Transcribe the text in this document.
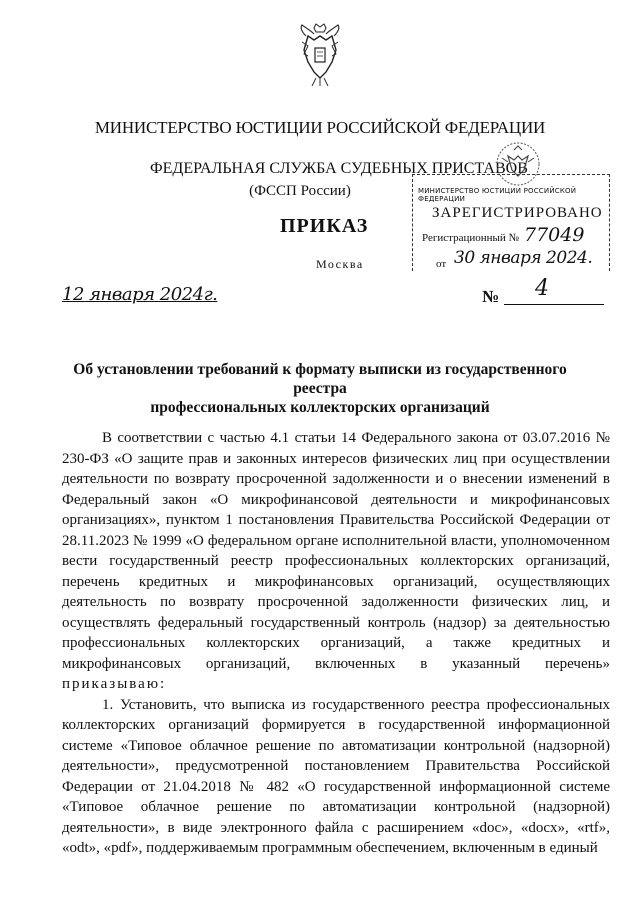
МИНИСТЕРСТВО ЮСТИЦИИ РОССИЙСКОЙ ФЕДЕРАЦИИ
ФЕДЕРАЛЬНАЯ СЛУЖБА СУДЕБНЫХ ПРИСТАВОВ
(ФССП России)
ПРИКАЗ
Москва
12 января 2024г.	№ 4
МИНИСТЕРСТВО ЮСТИЦИИ РОССИЙСКОЙ ФЕДЕРАЦИИ
ЗАРЕГИСТРИРОВАНО
Регистрационный № 77049
от 30 января 2024.
Об установлении требований к формату выписки из государственного реестра
профессиональных коллекторских организаций

В соответствии с частью 4.1 статьи 14 Федерального закона от 03.07.2016 № 230-ФЗ «О защите прав и законных интересов физических лиц при осуществлении деятельности по возврату просроченной задолженности и о внесении изменений в Федеральный закон «О микрофинансовой деятельности и микрофинансовых организациях», пунктом 1 постановления Правительства Российской Федерации от 28.11.2023 № 1999 «О федеральном органе исполнительной власти, уполномоченном вести государственный реестр профессиональных коллекторских организаций, перечень кредитных и микрофинансовых организаций, осуществляющих деятельность по возврату просроченной задолженности физических лиц, и осуществлять федеральный государственный контроль (надзор) за деятельностью профессиональных коллекторских организаций, а также кредитных и микрофинансовых организаций, включенных в указанный перечень» приказываю:

1. Установить, что выписка из государственного реестра профессиональных коллекторских организаций формируется в государственной информационной системе «Типовое облачное решение по автоматизации контрольной (надзорной) деятельности», предусмотренной постановлением Правительства Российской Федерации от 21.04.2018 № 482 «О государственной информационной системе «Типовое облачное решение по автоматизации контрольной (надзорной) деятельности», в виде электронного файла с расширением «doc», «docx», «rtf», «odt», «pdf», поддерживаемым программным обеспечением, включенным в единый
